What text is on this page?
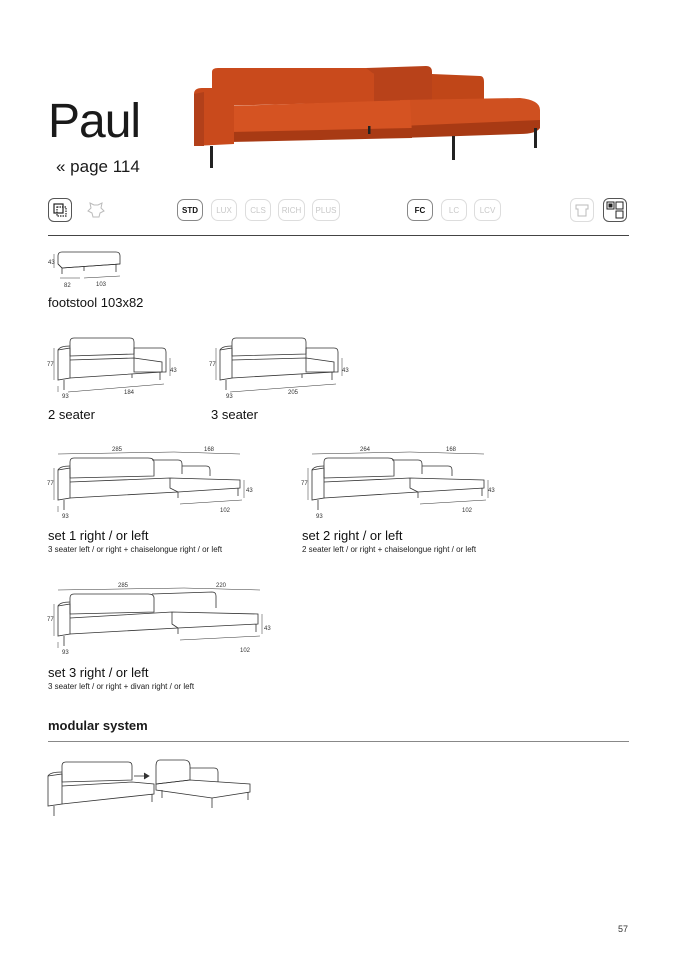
Paul
« page 114
STD	LUX	CLS	RICH	PLUS	FC	LC	LCV
43
82	103
footstool 103x82
77
43
93
184
2 seater
77
43
93
205
3 seater
285	168
77
43
93
102
set 1 right / or left
3 seater left / or right + chaiselongue right / or left
264	168
77
43
93
102
set 2 right / or left
2 seater left / or right + chaiselongue right / or left
285	220
77
43
93	102
set 3 right / or left
3 seater left / or right + divan right / or left
modular system
57
